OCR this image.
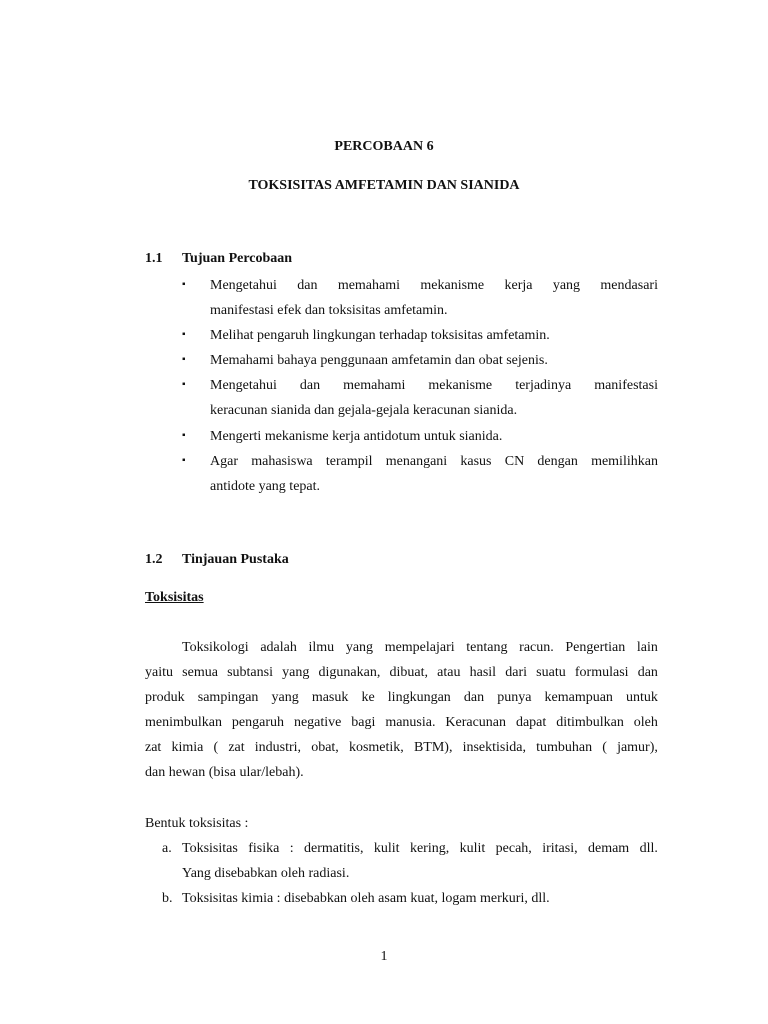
PERCOBAAN 6
TOKSISITAS AMFETAMIN DAN SIANIDA
1.1 Tujuan Percobaan
▪ Mengetahui dan memahami mekanisme kerja yang mendasari
manifestasi efek dan toksisitas amfetamin.
▪ Melihat pengaruh lingkungan terhadap toksisitas amfetamin.
▪ Memahami bahaya penggunaan amfetamin dan obat sejenis.
▪ Mengetahui dan memahami mekanisme terjadinya manifestasi
keracunan sianida dan gejala-gejala keracunan sianida.
▪ Mengerti mekanisme kerja antidotum untuk sianida.
▪ Agar mahasiswa terampil menangani kasus CN dengan memilihkan
antidote yang tepat.
1.2 Tinjauan Pustaka
Toksisitas
Toksikologi adalah ilmu yang mempelajari tentang racun. Pengertian lain
yaitu semua subtansi yang digunakan, dibuat, atau hasil dari suatu formulasi dan
produk sampingan yang masuk ke lingkungan dan punya kemampuan untuk
menimbulkan pengaruh negative bagi manusia. Keracunan dapat ditimbulkan oleh
zat kimia ( zat industri, obat, kosmetik, BTM), insektisida, tumbuhan ( jamur),
dan hewan (bisa ular/lebah).
Bentuk toksisitas :
a. Toksisitas fisika : dermatitis, kulit kering, kulit pecah, iritasi, demam dll.
Yang disebabkan oleh radiasi.
b. Toksisitas kimia : disebabkan oleh asam kuat, logam merkuri, dll.
1
